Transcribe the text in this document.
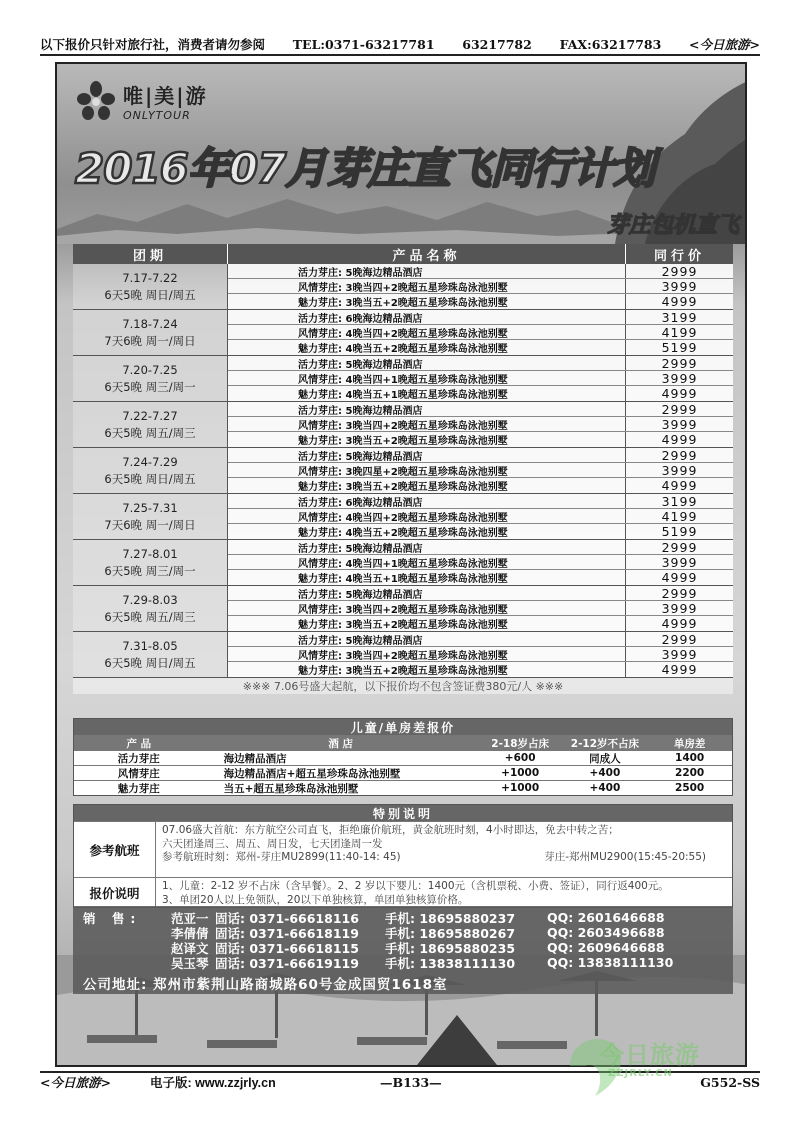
以下报价只针对旅行社，消费者请勿参阅 TEL:0371-63217781 63217782 FAX:63217783 <今日旅游>
唯|美|游
ONLYTOUR
2016年07月芽庄直飞同行计划
芽庄包机直飞
团期	产品名称	同行价
7.17-7.22
6天5晚 周日/周五
活力芽庄: 5晚海边精品酒店	2999
风情芽庄: 3晚当四+2晚超五星珍珠岛泳池别墅	3999
魅力芽庄: 3晚当五+2晚超五星珍珠岛泳池别墅	4999
7.18-7.24
7天6晚 周一/周日
活力芽庄: 6晚海边精品酒店	3199
风情芽庄: 4晚当四+2晚超五星珍珠岛泳池别墅	4199
魅力芽庄: 4晚当五+2晚超五星珍珠岛泳池别墅	5199
7.20-7.25
6天5晚 周三/周一
活力芽庄: 5晚海边精品酒店	2999
风情芽庄: 4晚当四+1晚超五星珍珠岛泳池别墅	3999
魅力芽庄: 4晚当五+1晚超五星珍珠岛泳池别墅	4999
7.22-7.27
6天5晚 周五/周三
活力芽庄: 5晚海边精品酒店	2999
风情芽庄: 3晚当四+2晚超五星珍珠岛泳池别墅	3999
魅力芽庄: 3晚当五+2晚超五星珍珠岛泳池别墅	4999
7.24-7.29
6天5晚 周日/周五
活力芽庄: 5晚海边精品酒店	2999
风情芽庄: 3晚四星+2晚超五星珍珠岛泳池别墅	3999
魅力芽庄: 3晚当五+2晚超五星珍珠岛泳池别墅	4999
7.25-7.31
7天6晚 周一/周日
活力芽庄: 6晚海边精品酒店	3199
风情芽庄: 4晚当四+2晚超五星珍珠岛泳池别墅	4199
魅力芽庄: 4晚当五+2晚超五星珍珠岛泳池别墅	5199
7.27-8.01
6天5晚 周三/周一
活力芽庄: 5晚海边精品酒店	2999
风情芽庄: 4晚当四+1晚超五星珍珠岛泳池别墅	3999
魅力芽庄: 4晚当五+1晚超五星珍珠岛泳池别墅	4999
7.29-8.03
6天5晚 周五/周三
活力芽庄: 5晚海边精品酒店	2999
风情芽庄: 3晚当四+2晚超五星珍珠岛泳池别墅	3999
魅力芽庄: 3晚当五+2晚超五星珍珠岛泳池别墅	4999
7.31-8.05
6天5晚 周日/周五
活力芽庄: 5晚海边精品酒店	2999
风情芽庄: 3晚当四+2晚超五星珍珠岛泳池别墅	3999
魅力芽庄: 3晚当五+2晚超五星珍珠岛泳池别墅	4999
※※※ 7.06号盛大起航，以下报价均不包含签证费380元/人 ※※※
儿童/单房差报价
产 品	酒 店	2-18岁占床	2-12岁不占床	单房差
活力芽庄	海边精品酒店	+600	同成人	1400
风情芽庄	海边精品酒店+超五星珍珠岛泳池别墅	+1000	+400	2200
魅力芽庄	当五+超五星珍珠岛泳池别墅	+1000	+400	2500
特别说明
参考航班
07.06盛大首航：东方航空公司直飞，拒绝廉价航班，黄金航班时刻，4小时即达，免去中转之苦；
六天团逢周三、周五、周日发，七天团逢周一发
参考航班时刻：郑州-芽庄MU2899(11:40-14: 45)	芽庄-郑州MU2900(15:45-20:55)
报价说明	1、儿童：2-12 岁不占床（含早餐）。2、2 岁以下婴儿：1400元（含机票税、小费、签证），同行返400元。
3、单团20人以上免领队，20以下单独核算，单团单独核算价格。
销 售:	范亚一 固话: 0371-66618116	手机: 18695880237	QQ: 2601646688
李倩倩 固话: 0371-66618119	手机: 18695880267	QQ: 2603496688
赵译文 固话: 0371-66618115	手机: 18695880235	QQ: 2609646688
吴玉琴 固话: 0371-66619119	手机: 13838111130	QQ: 13838111130
公司地址: 郑州市紫荆山路商城路60号金成国贸1618室
<今日旅游>	电子版: www.zzjrly.cn	—B133—	G552-SS
今日旅游
ZZJRLY.CN
